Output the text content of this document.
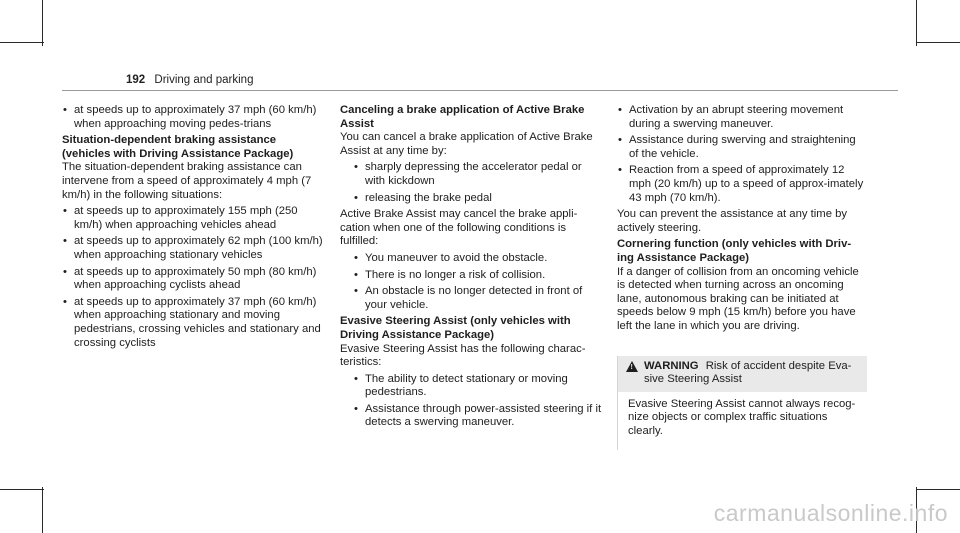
192 Driving and parking
• at speeds up to approximately 37 mph (60 km/h) when approaching moving pedes-trians
Situation-dependent braking assistance (vehicles with Driving Assistance Package)

The situation-dependent braking assistance can intervene from a speed of approximately 4 mph (7 km/h) in the following situations:

• at speeds up to approximately 155 mph (250 km/h) when approaching vehicles ahead
• at speeds up to approximately 62 mph (100 km/h) when approaching stationary vehicles
• at speeds up to approximately 50 mph (80 km/h) when approaching cyclists ahead
• at speeds up to approximately 37 mph (60 km/h) when approaching stationary and moving pedestrians, crossing vehicles and stationary and crossing cyclists
Canceling a brake application of Active Brake Assist

You can cancel a brake application of Active Brake Assist at any time by:

• sharply depressing the accelerator pedal or with kickdown
• releasing the brake pedal

Active Brake Assist may cancel the brake appli-cation when one of the following conditions is fulfilled:

• You maneuver to avoid the obstacle.
• There is no longer a risk of collision.
• An obstacle is no longer detected in front of your vehicle.
Evasive Steering Assist (only vehicles with Driving Assistance Package)

Evasive Steering Assist has the following charac-teristics:

• The ability to detect stationary or moving pedestrians.
• Assistance through power-assisted steering if it detects a swerving maneuver.
• Activation by an abrupt steering movement during a swerving maneuver.
• Assistance during swerving and straightening of the vehicle.
• Reaction from a speed of approximately 12 mph (20 km/h) up to a speed of approx-imately 43 mph (70 km/h).

You can prevent the assistance at any time by actively steering.

Cornering function (only vehicles with Driv-ing Assistance Package)

If a danger of collision from an oncoming vehicle is detected when turning across an oncoming lane, autonomous braking can be initiated at speeds below 9 mph (15 km/h) before you have left the lane in which you are driving.

! WARNING Risk of accident despite Eva-sive Steering Assist
Evasive Steering Assist cannot always recog-nize objects or complex traffic situations clearly.
carmanualsonline.info
